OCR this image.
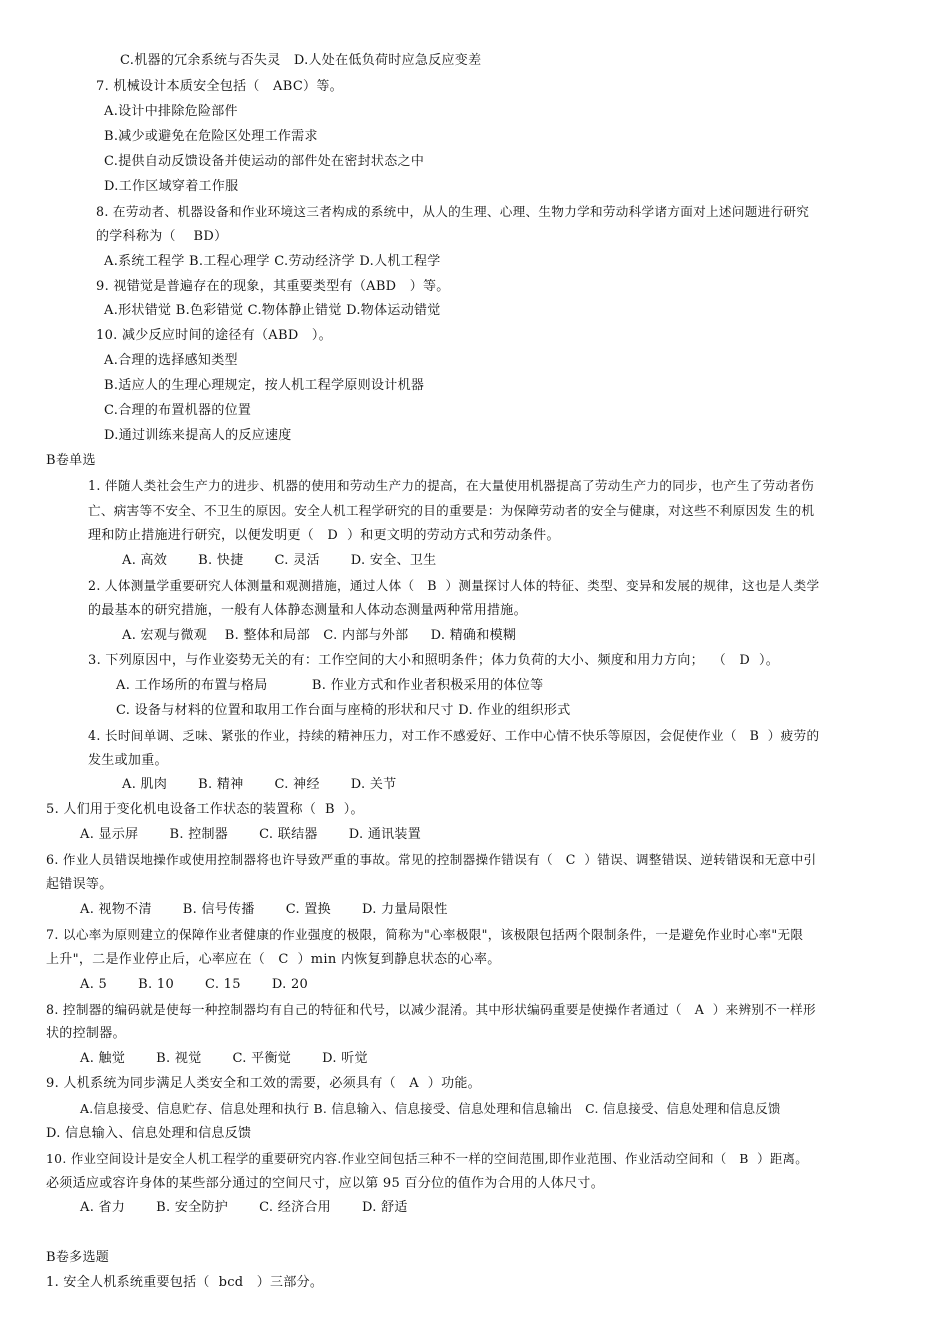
C.机器的冗余系统与否失灵   D.人处在低负荷时应急反应变差
7. 机械设计本质安全包括（   ABC）等。
A.设计中排除危险部件
B.减少或避免在危险区处理工作需求
C.提供自动反馈设备并使运动的部件处在密封状态之中
D.工作区域穿着工作服
8. 在劳动者、机器设备和作业环境这三者构成的系统中，从人的生理、心理、生物力学和劳动科学诸方面对上述问题进行研究
的学科称为（    BD）
A.系统工程学 B.工程心理学 C.劳动经济学 D.人机工程学
9. 视错觉是普遍存在的现象，其重要类型有（ABD   ）等。
A.形状错觉 B.色彩错觉 C.物体静止错觉 D.物体运动错觉
10. 减少反应时间的途径有（ABD   ）。
A.合理的选择感知类型
B.适应人的生理心理规定，按人机工程学原则设计机器
C.合理的布置机器的位置
D.通过训练来提高人的反应速度
B卷单选
1. 伴随人类社会生产力的进步、机器的使用和劳动生产力的提高，在大量使用机器提高了劳动生产力的同步，也产生了劳动者伤
亡、病害等不安全、不卫生的原因。安全人机工程学研究的目的重要是：为保障劳动者的安全与健康，对这些不利原因发 生的机
理和防止措施进行研究，以便发明更（   D  ）和更文明的劳动方式和劳动条件。
A. 高效       B. 快捷       C. 灵活       D. 安全、卫生
2. 人体测量学重要研究人体测量和观测措施，通过人体（   B  ）测量探讨人体的特征、类型、变异和发展的规律，这也是人类学
的最基本的研究措施，一般有人体静态测量和人体动态测量两种常用措施。
A. 宏观与微观    B. 整体和局部   C. 内部与外部     D. 精确和模糊
3. 下列原因中，与作业姿势无关的有：工作空间的大小和照明条件；体力负荷的大小、频度和用力方向；  （   D  ）。
A. 工作场所的布置与格局          B. 作业方式和作业者积极采用的体位等
C. 设备与材料的位置和取用工作台面与座椅的形状和尺寸 D. 作业的组织形式
4. 长时间单调、乏味、紧张的作业，持续的精神压力，对工作不感爱好、工作中心情不快乐等原因，会促使作业（   B  ）疲劳的
发生或加重。
A. 肌肉       B. 精神       C. 神经       D. 关节
5. 人们用于变化机电设备工作状态的装置称（  B  ）。
A. 显示屏       B. 控制器       C. 联结器       D. 通讯装置
6. 作业人员错误地操作或使用控制器将也许导致严重的事故。常见的控制器操作错误有（   C  ）错误、调整错误、逆转错误和无意中引
起错误等。
A. 视物不清       B. 信号传播       C. 置换       D. 力量局限性
7. 以心率为原则建立的保障作业者健康的作业强度的极限，简称为"心率极限"，该极限包括两个限制条件，一是避免作业时心率"无限
上升"，二是作业停止后，心率应在（   C  ）min 内恢复到静息状态的心率。
A. 5       B. 10       C. 15       D. 20
8. 控制器的编码就是使每一种控制器均有自己的特征和代号，以减少混淆。其中形状编码重要是使操作者通过（   A  ）来辨别不一样形
状的控制器。
A. 触觉       B. 视觉       C. 平衡觉       D. 听觉
9. 人机系统为同步满足人类安全和工效的需要，必须具有（   A  ）功能。
A.信息接受、信息贮存、信息处理和执行 B. 信息输入、信息接受、信息处理和信息输出   C. 信息接受、信息处理和信息反馈
D. 信息输入、信息处理和信息反馈
10. 作业空间设计是安全人机工程学的重要研究内容.作业空间包括三种不一样的空间范围,即作业范围、作业活动空间和（   B  ）距离。
必须适应或容许身体的某些部分通过的空间尺寸，应以第 95 百分位的值作为合用的人体尺寸。
A. 省力       B. 安全防护       C. 经济合用       D. 舒适
B卷多选题
1. 安全人机系统重要包括（  bcd   ）三部分。
